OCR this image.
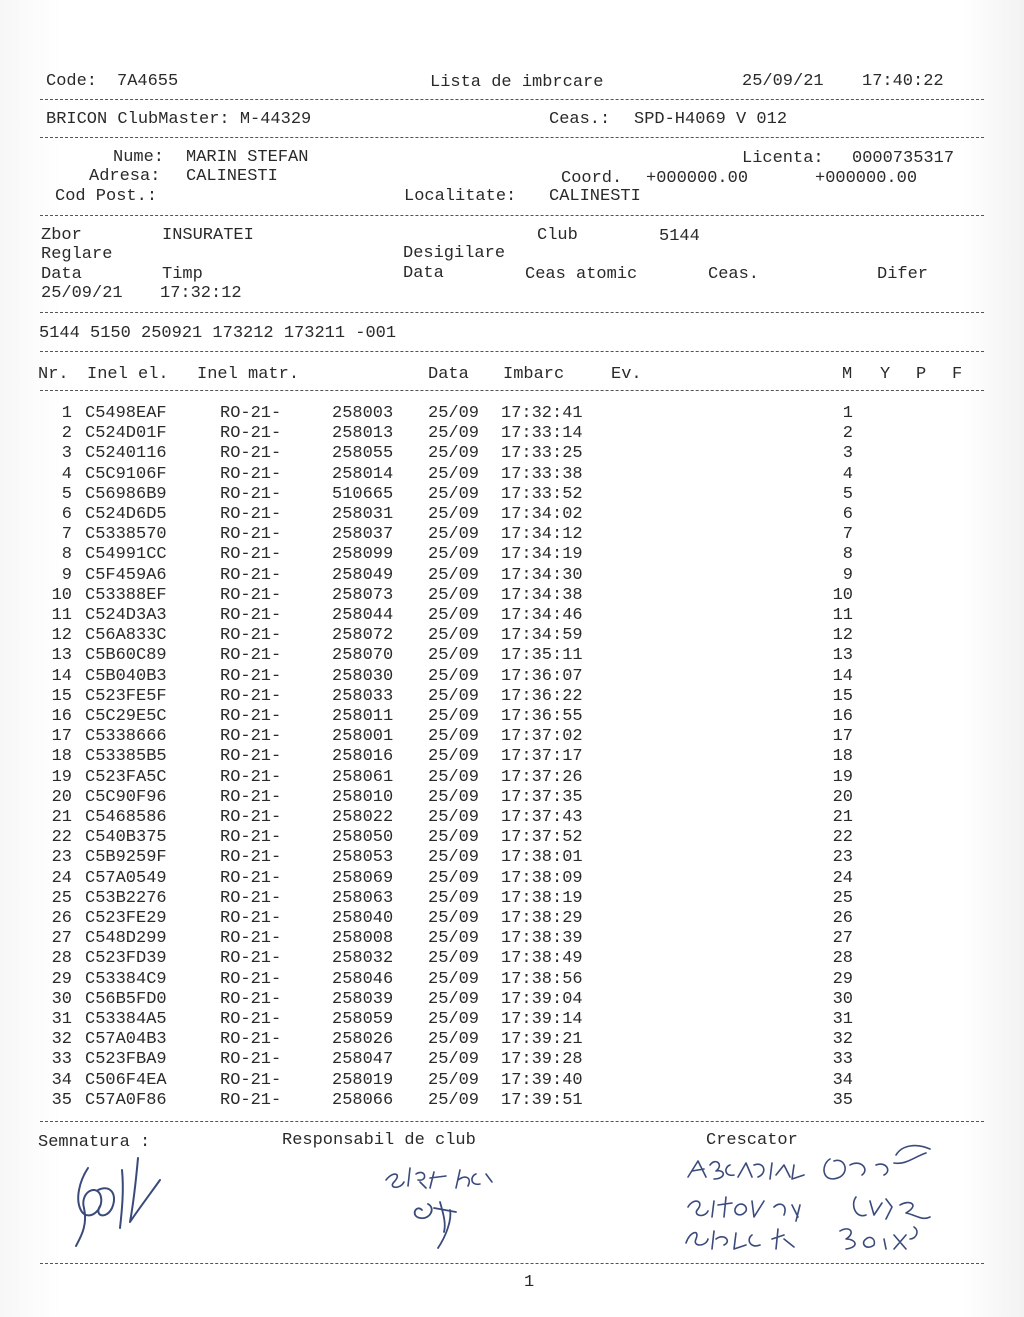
Code: 7A4655	Lista de imbrcare	25/09/21 17:40:22
BRICON ClubMaster: M-44329	Ceas.: SPD-H4069 V 012
Nume: MARIN STEFAN	Licenta: 0000735317
Adresa: CALINESTI	Coord. +000000.00	+000000.00
Cod Post.:	Localitate: CALINESTI
Zbor	INSURATEI	Club	5144
Reglare	Desigilare
Data	Timp	Data	Ceas atomic	Ceas.	Difer
25/09/21 17:32:12
5144 5150 250921 173212 173211 -001
Nr. Inel el. Inel matr.	Data Imbarc	Ev.	M Y P F
1 C5498EAF	RO-21-	258003 25/09 17:32:41	1
2 C524D01F	RO-21-	258013 25/09 17:33:14	2
3 C5240116	RO-21-	258055 25/09 17:33:25	3
4 C5C9106F	RO-21-	258014 25/09 17:33:38	4
5 C56986B9	RO-21-	510665 25/09 17:33:52	5
6 C524D6D5	RO-21-	258031 25/09 17:34:02	6
7 C5338570	RO-21-	258037 25/09 17:34:12	7
8 C54991CC	RO-21-	258099 25/09 17:34:19	8
9 C5F459A6	RO-21-	258049 25/09 17:34:30	9
10 C53388EF	RO-21-	258073 25/09 17:34:38	10
11 C524D3A3	RO-21-	258044 25/09 17:34:46	11
12 C56A833C	RO-21-	258072 25/09 17:34:59	12
13 C5B60C89	RO-21-	258070 25/09 17:35:11	13
14 C5B040B3	RO-21-	258030 25/09 17:36:07	14
15 C523FE5F	RO-21-	258033 25/09 17:36:22	15
16 C5C29E5C	RO-21-	258011 25/09 17:36:55	16
17 C5338666	RO-21-	258001 25/09 17:37:02	17
18 C53385B5	RO-21-	258016 25/09 17:37:17	18
19 C523FA5C	RO-21-	258061 25/09 17:37:26	19
20 C5C90F96	RO-21-	258010 25/09 17:37:35	20
21 C5468586	RO-21-	258022 25/09 17:37:43	21
22 C540B375	RO-21-	258050 25/09 17:37:52	22
23 C5B9259F	RO-21-	258053 25/09 17:38:01	23
24 C57A0549	RO-21-	258069 25/09 17:38:09	24
25 C53B2276	RO-21-	258063 25/09 17:38:19	25
26 C523FE29	RO-21-	258040 25/09 17:38:29	26
27 C548D299	RO-21-	258008 25/09 17:38:39	27
28 C523FD39	RO-21-	258032 25/09 17:38:49	28
29 C53384C9	RO-21-	258046 25/09 17:38:56	29
30 C56B5FD0	RO-21-	258039 25/09 17:39:04	30
31 C53384A5	RO-21-	258059 25/09 17:39:14	31
32 C57A04B3	RO-21-	258026 25/09 17:39:21	32
33 C523FBA9	RO-21-	258047 25/09 17:39:28	33
34 C506F4EA	RO-21-	258019 25/09 17:39:40	34
35 C57A0F86	RO-21-	258066 25/09 17:39:51	35
Semnatura :	Responsabil de club	Crescator
1
